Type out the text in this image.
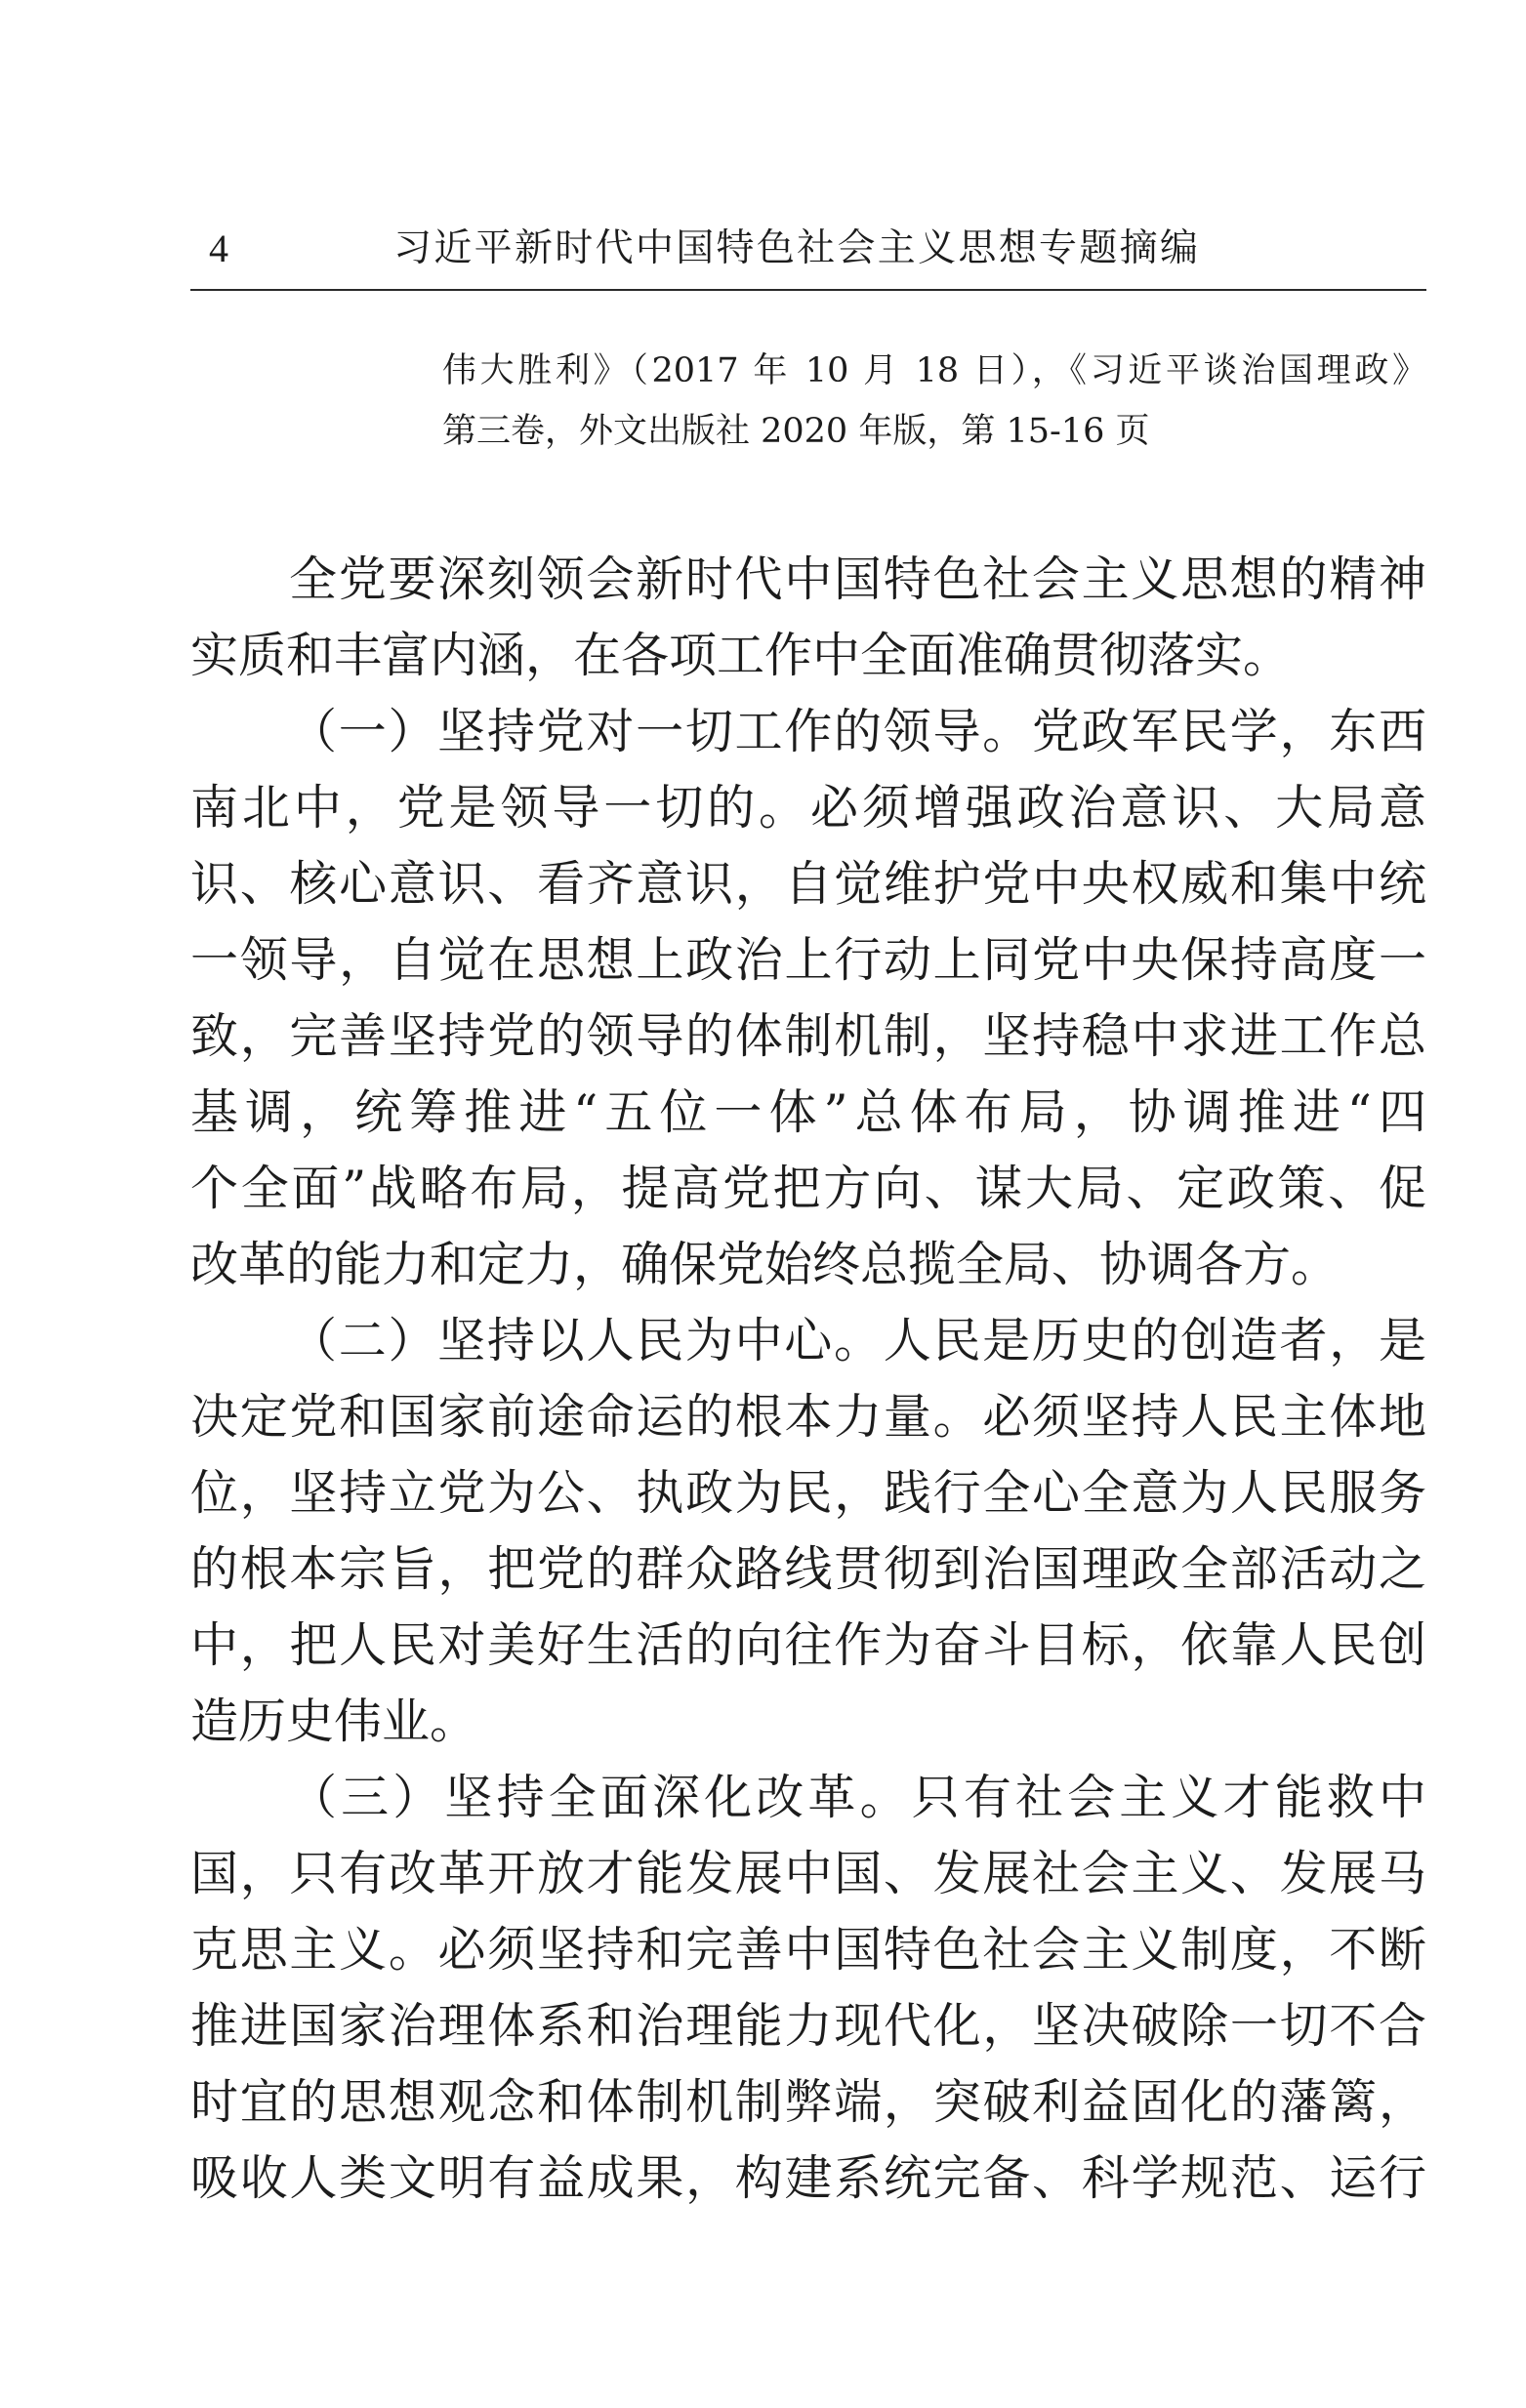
4	习近平新时代中国特色社会主义思想专题摘编
伟大胜利》（2017 年 10 月 18 日），《习近平谈治国理政》
第三卷，外文出版社 2020 年版，第 15-16 页
全党要深刻领会新时代中国特色社会主义思想的精神
实质和丰富内涵，在各项工作中全面准确贯彻落实。
（一）坚持党对一切工作的领导。党政军民学，东西
南北中，党是领导一切的。必须增强政治意识、大局意
识、核心意识、看齐意识，自觉维护党中央权威和集中统
一领导，自觉在思想上政治上行动上同党中央保持高度一
致，完善坚持党的领导的体制机制，坚持稳中求进工作总
基调，统筹推进“五位一体”总体布局，协调推进“四
个全面”战略布局，提高党把方向、谋大局、定政策、促
改革的能力和定力，确保党始终总揽全局、协调各方。
（二）坚持以人民为中心。人民是历史的创造者，是
决定党和国家前途命运的根本力量。必须坚持人民主体地
位，坚持立党为公、执政为民，践行全心全意为人民服务
的根本宗旨，把党的群众路线贯彻到治国理政全部活动之
中，把人民对美好生活的向往作为奋斗目标，依靠人民创
造历史伟业。
（三）坚持全面深化改革。只有社会主义才能救中
国，只有改革开放才能发展中国、发展社会主义、发展马
克思主义。必须坚持和完善中国特色社会主义制度，不断
推进国家治理体系和治理能力现代化，坚决破除一切不合
时宜的思想观念和体制机制弊端，突破利益固化的藩篱，
吸收人类文明有益成果，构建系统完备、科学规范、运行
